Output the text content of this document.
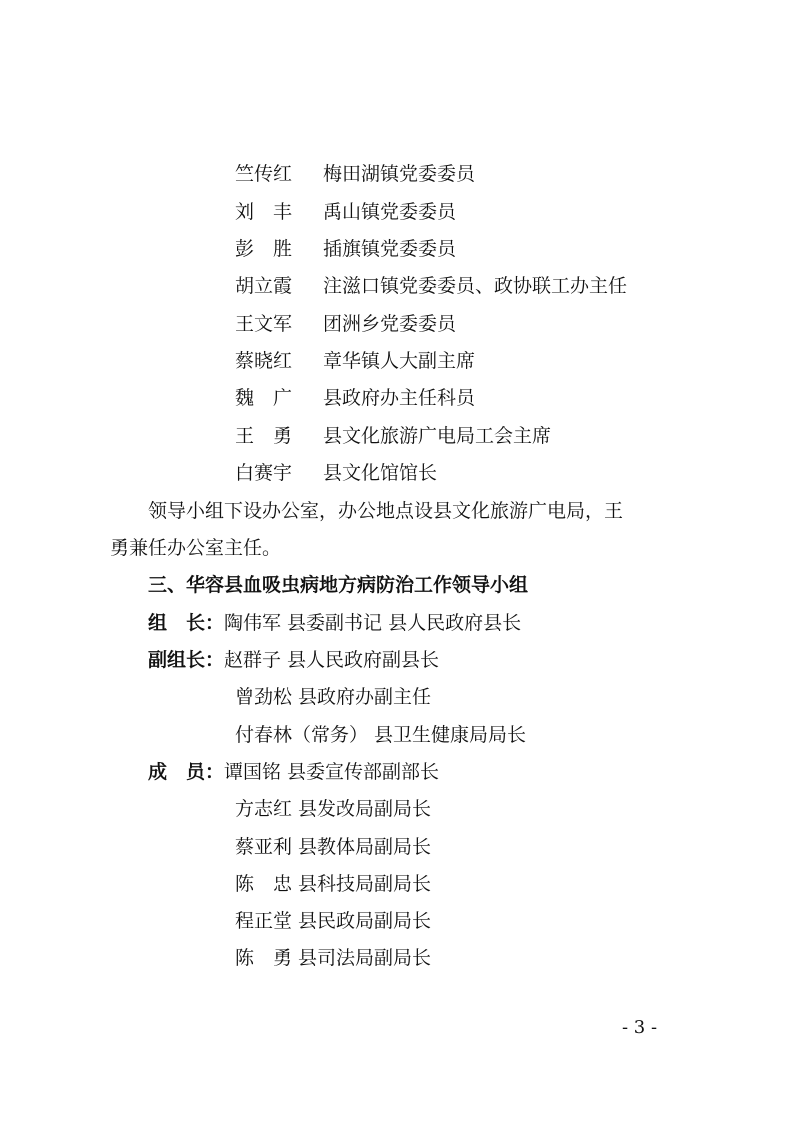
竺传红 梅田湖镇党委委员
刘　丰 禹山镇党委委员
彭　胜 插旗镇党委委员
胡立霞 注滋口镇党委委员、政协联工办主任
王文军 团洲乡党委委员
蔡晓红 章华镇人大副主席
魏　广 县政府办主任科员
王　勇 县文化旅游广电局工会主席
白赛宇 县文化馆馆长
领导小组下设办公室，办公地点设县文化旅游广电局，王
勇兼任办公室主任。
三、华容县血吸虫病地方病防治工作领导小组
组　长：陶伟军 县委副书记 县人民政府县长
副组长：赵群子 县人民政府副县长
曾劲松 县政府办副主任
付春林（常务） 县卫生健康局局长
成　员：谭国铭 县委宣传部副部长
方志红 县发改局副局长
蔡亚利 县教体局副局长
陈　忠 县科技局副局长
程正堂 县民政局副局长
陈　勇 县司法局副局长
- 3 -
